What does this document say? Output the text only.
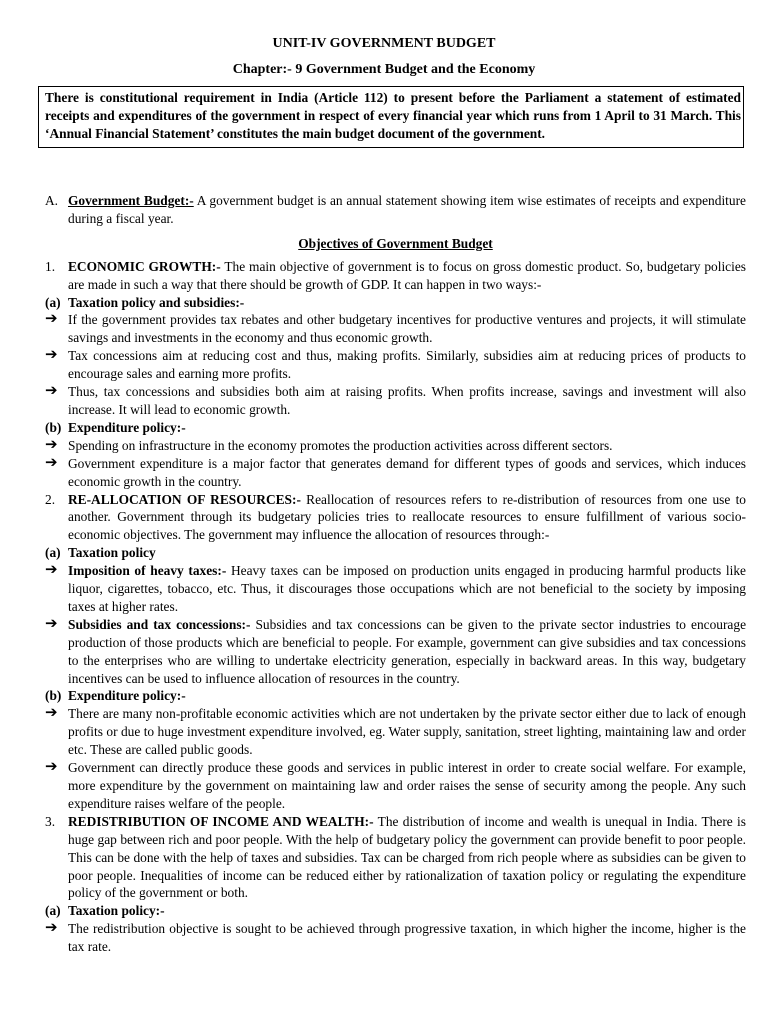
UNIT-IV GOVERNMENT BUDGET
Chapter:- 9 Government Budget and the Economy
There is constitutional requirement in India (Article 112) to present before the Parliament a statement of estimated receipts and expenditures of the government in respect of every financial year which runs from 1 April to 31 March. This ‘Annual Financial Statement’ constitutes the main budget document of the government.
A. Government Budget:- A government budget is an annual statement showing item wise estimates of receipts and expenditure during a fiscal year.
Objectives of Government Budget
1. ECONOMIC GROWTH:- The main objective of government is to focus on gross domestic product. So, budgetary policies are made in such a way that there should be growth of GDP. It can happen in two ways:-
(a) Taxation policy and subsidies:-
➔ If the government provides tax rebates and other budgetary incentives for productive ventures and projects, it will stimulate savings and investments in the economy and thus economic growth.
➔ Tax concessions aim at reducing cost and thus, making profits. Similarly, subsidies aim at reducing prices of products to encourage sales and earning more profits.
➔ Thus, tax concessions and subsidies both aim at raising profits. When profits increase, savings and investment will also increase. It will lead to economic growth.
(b) Expenditure policy:-
➔ Spending on infrastructure in the economy promotes the production activities across different sectors.
➔ Government expenditure is a major factor that generates demand for different types of goods and services, which induces economic growth in the country.
2. RE-ALLOCATION OF RESOURCES:- Reallocation of resources refers to re-distribution of resources from one use to another. Government through its budgetary policies tries to reallocate resources to ensure fulfillment of various socio-economic objectives. The government may influence the allocation of resources through:-
(a) Taxation policy
➔ Imposition of heavy taxes:- Heavy taxes can be imposed on production units engaged in producing harmful products like liquor, cigarettes, tobacco, etc. Thus, it discourages those occupations which are not beneficial to the society by imposing taxes at higher rates.
➔ Subsidies and tax concessions:- Subsidies and tax concessions can be given to the private sector industries to encourage production of those products which are beneficial to people. For example, government can give subsidies and tax concessions to the enterprises who are willing to undertake electricity generation, especially in backward areas. In this way, budgetary incentives can be used to influence allocation of resources in the country.
(b) Expenditure policy:-
➔ There are many non-profitable economic activities which are not undertaken by the private sector either due to lack of enough profits or due to huge investment expenditure involved, eg. Water supply, sanitation, street lighting, maintaining law and order etc. These are called public goods.
➔ Government can directly produce these goods and services in public interest in order to create social welfare. For example, more expenditure by the government on maintaining law and order raises the sense of security among the people. Any such expenditure raises welfare of the people.
3. REDISTRIBUTION OF INCOME AND WEALTH:- The distribution of income and wealth is unequal in India. There is huge gap between rich and poor people. With the help of budgetary policy the government can provide benefit to poor people. This can be done with the help of taxes and subsidies. Tax can be charged from rich people where as subsidies can be given to poor people. Inequalities of income can be reduced either by rationalization of taxation policy or regulating the expenditure policy of the government or both.
(a) Taxation policy:-
➔ The redistribution objective is sought to be achieved through progressive taxation, in which higher the income, higher is the tax rate.
